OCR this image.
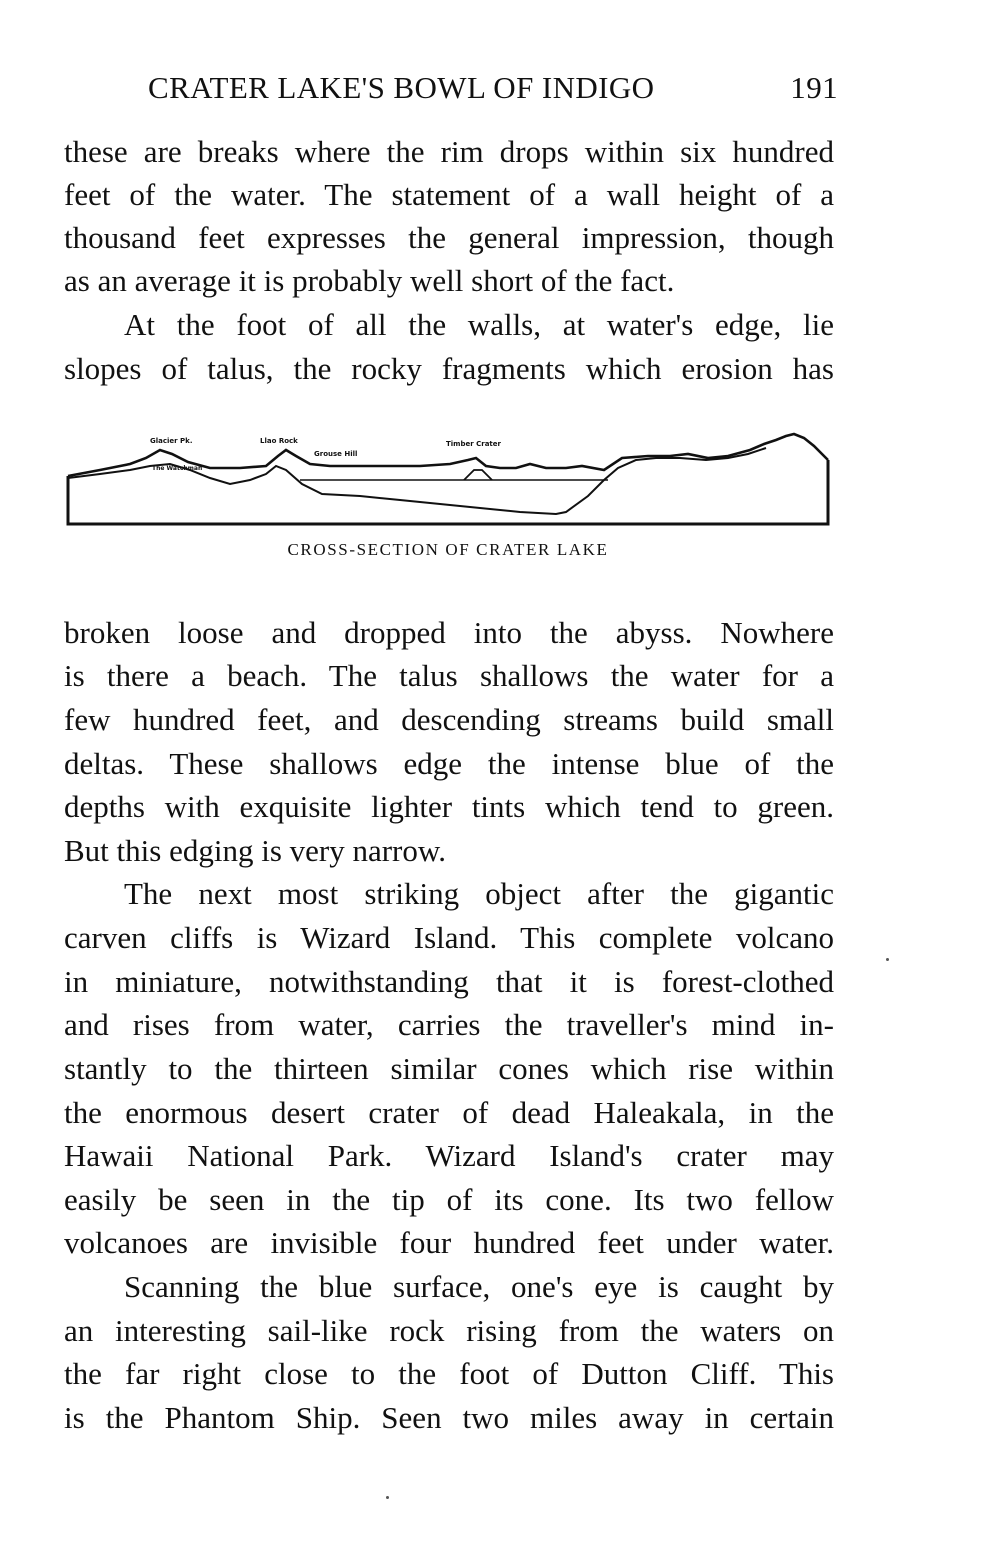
CRATER LAKE'S BOWL OF INDIGO	191
these are breaks where the rim drops within six hundred
feet of the water. The statement of a wall height of a
thousand feet expresses the general impression, though
as an average it is probably well short of the fact.
At the foot of all the walls, at water's edge, lie
slopes of talus, the rocky fragments which erosion has
Glacier Pk.
The Watchman
Llao Rock
Grouse Hill
Timber Crater
CROSS-SECTION OF CRATER LAKE
broken loose and dropped into the abyss. Nowhere
is there a beach. The talus shallows the water for a
few hundred feet, and descending streams build small
deltas. These shallows edge the intense blue of the
depths with exquisite lighter tints which tend to green.
But this edging is very narrow.
The next most striking object after the gigantic
carven cliffs is Wizard Island. This complete volcano
in miniature, notwithstanding that it is forest-clothed
and rises from water, carries the traveller's mind in-
stantly to the thirteen similar cones which rise within
the enormous desert crater of dead Haleakala, in the
Hawaii National Park. Wizard Island's crater may
easily be seen in the tip of its cone. Its two fellow
volcanoes are invisible four hundred feet under water.
Scanning the blue surface, one's eye is caught by
an interesting sail-like rock rising from the waters on
the far right close to the foot of Dutton Cliff. This
is the Phantom Ship. Seen two miles away in certain
